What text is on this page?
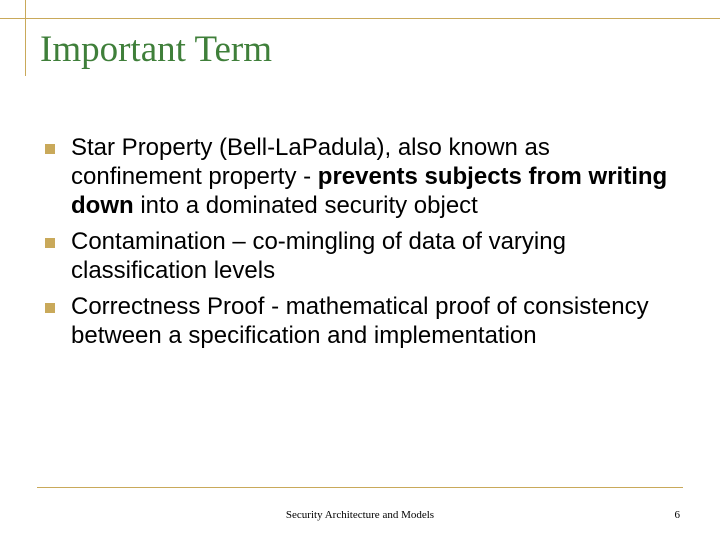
Important Term
Star Property (Bell-LaPadula), also known as confinement property - prevents subjects from writing down into a dominated security object
Contamination – co-mingling of data of varying classification levels
Correctness Proof - mathematical proof of consistency between a specification and implementation
Security Architecture and Models	6
